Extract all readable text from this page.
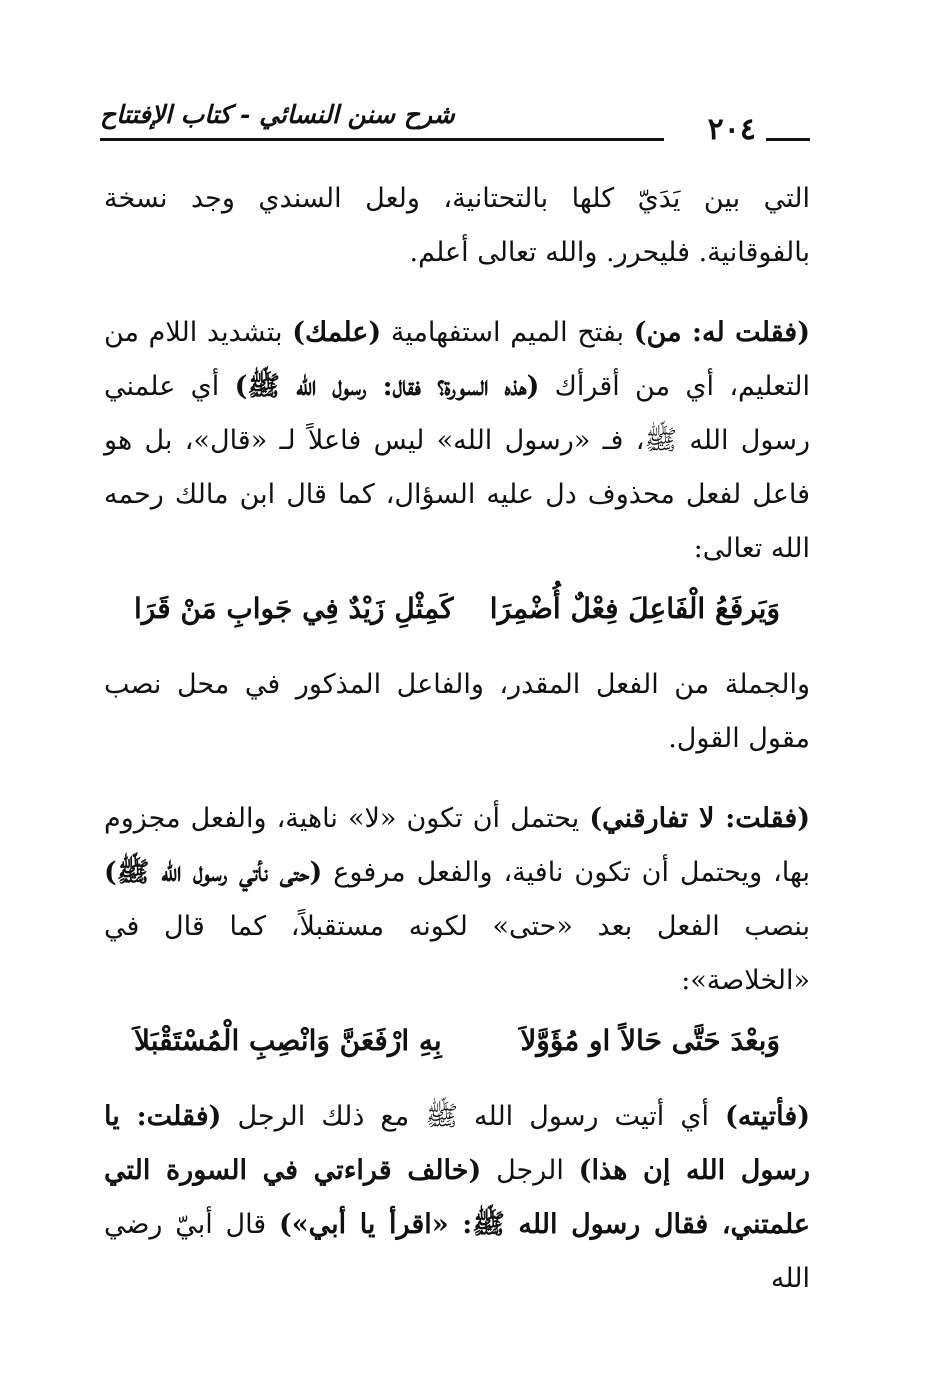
٢٠٤
شرح سنن النسائي - كتاب الإفتتاح

التي بين يَدَيّ كلها بالتحتانية، ولعل السندي وجد نسخة بالفوقانية. فليحرر. والله تعالى أعلم.

(فقلت له: من) بفتح الميم استفهامية (علمك) بتشديد اللام من التعليم، أي من أقرأك (هذه السورة؟ فقال: رسول الله ﷺ) أي علمني رسول الله ﷺ، فـ «رسول الله» ليس فاعلاً لـ «قال»، بل هو فاعل لفعل محذوف دل عليه السؤال، كما قال ابن مالك رحمه الله تعالى:

وَيَرفَعُ الْفَاعِلَ فِعْلٌ أُضْمِرَا
كَمِثْلِ زَيْدٌ فِي جَوابِ مَنْ قَرَا

والجملة من الفعل المقدر، والفاعل المذكور في محل نصب مقول القول.

(فقلت: لا تفارقني) يحتمل أن تكون «لا» ناهية، والفعل مجزوم بها، ويحتمل أن تكون نافية، والفعل مرفوع (حتى نأتي رسول الله ﷺ) بنصب الفعل بعد «حتى» لكونه مستقبلاً، كما قال في «الخلاصة»:

وَبعْدَ حَتَّى حَالاً او مُؤَوَّلاَ
بِهِ ارْفَعَنَّ وَانْصِبِ الْمُسْتَقْبَلاَ

(فأتيته) أي أتيت رسول الله ﷺ مع ذلك الرجل (فقلت: يا رسول الله إن هذا) الرجل (خالف قراءتي في السورة التي علمتني، فقال رسول الله ﷺ: «اقرأ يا أبي») قال أبيّ رضي الله
